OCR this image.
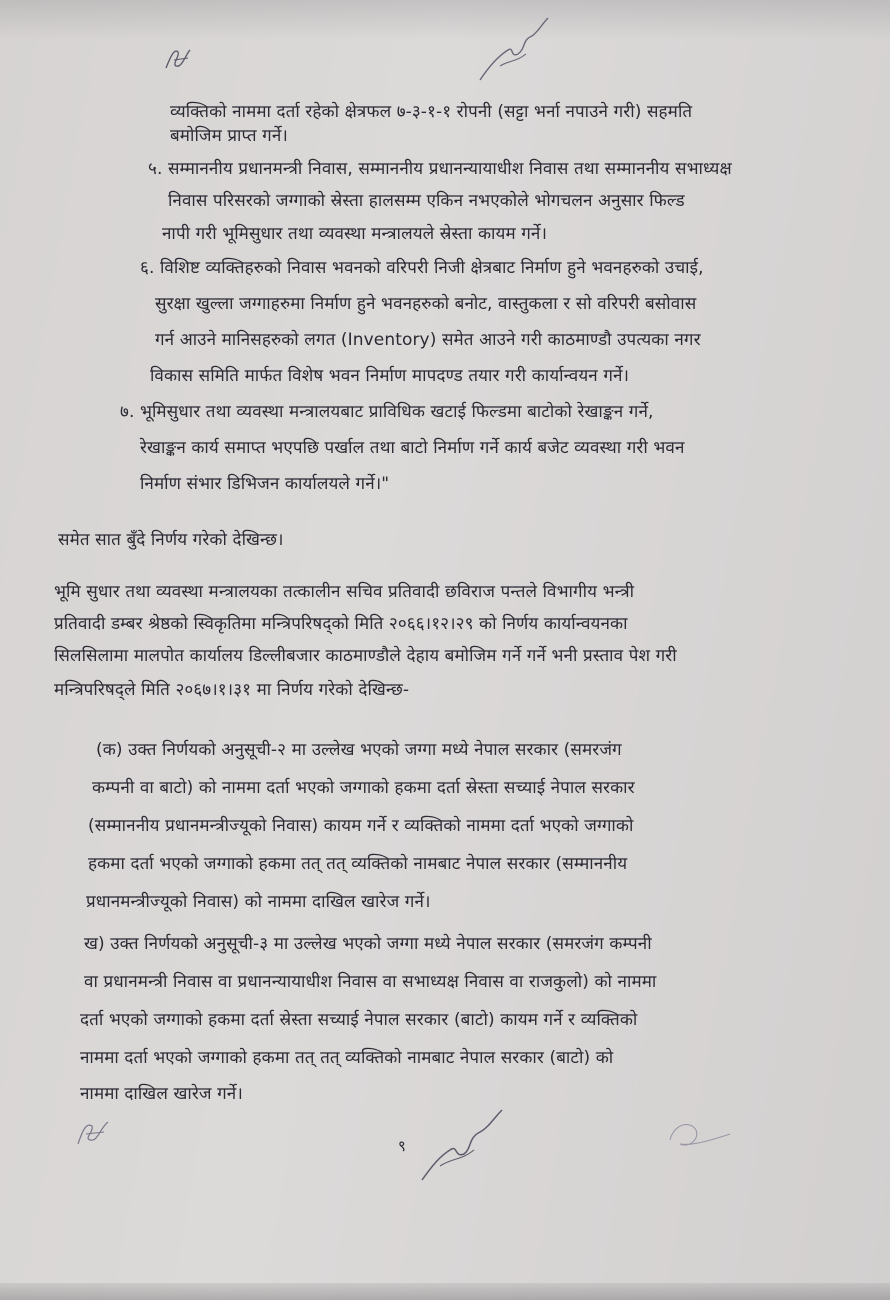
व्यक्तिको नाममा दर्ता रहेको क्षेत्रफल ७-३-१-१ रोपनी (सट्टा भर्ना नपाउने गरी) सहमति
बमोजिम प्राप्त गर्ने।
५. सम्माननीय प्रधानमन्त्री निवास, सम्माननीय प्रधानन्यायाधीश निवास तथा सम्माननीय सभाध्यक्ष
निवास परिसरको जग्गाको स्रेस्ता हालसम्म एकिन नभएकोले भोगचलन अनुसार फिल्ड
नापी गरी भूमिसुधार तथा व्यवस्था मन्त्रालयले स्रेस्ता कायम गर्ने।
६. विशिष्ट व्यक्तिहरुको निवास भवनको वरिपरी निजी क्षेत्रबाट निर्माण हुने भवनहरुको उचाई,
सुरक्षा खुल्ला जग्गाहरुमा निर्माण हुने भवनहरुको बनोट, वास्तुकला र सो वरिपरी बसोवास
गर्न आउने मानिसहरुको लगत (Inventory) समेत आउने गरी काठमाण्डौ उपत्यका नगर
विकास समिति मार्फत विशेष भवन निर्माण मापदण्ड तयार गरी कार्यान्वयन गर्ने।
७. भूमिसुधार तथा व्यवस्था मन्त्रालयबाट प्राविधिक खटाई फिल्डमा बाटोको रेखाङ्कन गर्ने,
रेखाङ्कन कार्य समाप्त भएपछि पर्खाल तथा बाटो निर्माण गर्ने कार्य बजेट व्यवस्था गरी भवन
निर्माण संभार डिभिजन कार्यालयले गर्ने।"
समेत सात बुँदे निर्णय गरेको देखिन्छ।
भूमि सुधार तथा व्यवस्था मन्त्रालयका तत्कालीन सचिव प्रतिवादी छविराज पन्तले विभागीय भन्त्री
प्रतिवादी डम्बर श्रेष्ठको स्विकृतिमा मन्त्रिपरिषद्को मिति २०६६।१२।२९ को निर्णय कार्यान्वयनका
सिलसिलामा मालपोत कार्यालय डिल्लीबजार काठमाण्डौले देहाय बमोजिम गर्ने गर्ने भनी प्रस्ताव पेश गरी
मन्त्रिपरिषद्ले मिति २०६७।१।३१ मा निर्णय गरेको देखिन्छ-
(क) उक्त निर्णयको अनुसूची-२ मा उल्लेख भएको जग्गा मध्ये नेपाल सरकार (समरजंग
कम्पनी वा बाटो) को नाममा दर्ता भएको जग्गाको हकमा दर्ता स्रेस्ता सच्याई नेपाल सरकार
(सम्माननीय प्रधानमन्त्रीज्यूको निवास) कायम गर्ने र व्यक्तिको नाममा दर्ता भएको जग्गाको
हकमा दर्ता भएको जग्गाको हकमा तत् तत् व्यक्तिको नामबाट नेपाल सरकार (सम्माननीय
प्रधानमन्त्रीज्यूको निवास) को नाममा दाखिल खारेज गर्ने।
ख) उक्त निर्णयको अनुसूची-३ मा उल्लेख भएको जग्गा मध्ये नेपाल सरकार (समरजंग कम्पनी
वा प्रधानमन्त्री निवास वा प्रधानन्यायाधीश निवास वा सभाध्यक्ष निवास वा राजकुलो) को नाममा
दर्ता भएको जग्गाको हकमा दर्ता स्रेस्ता सच्याई नेपाल सरकार (बाटो) कायम गर्ने र व्यक्तिको
नाममा दर्ता भएको जग्गाको हकमा तत् तत् व्यक्तिको नामबाट नेपाल सरकार (बाटो) को
नाममा दाखिल खारेज गर्ने।
९
